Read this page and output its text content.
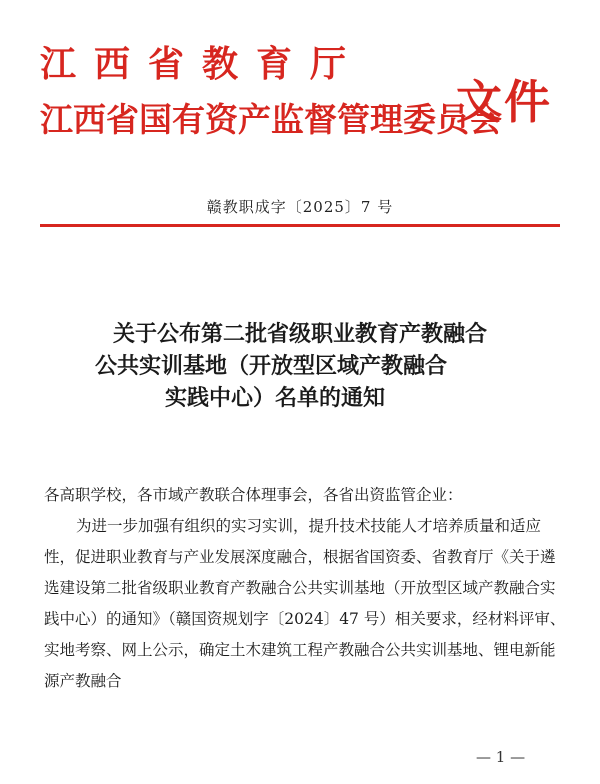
江西省教育厅
江西省国有资产监督管理委员会
文件
赣教职成字〔2025〕7 号
关于公布第二批省级职业教育产教融合
公共实训基地（开放型区域产教融合
实践中心）名单的通知

各高职学校，各市域产教联合体理事会，各省出资监管企业：

为进一步加强有组织的实习实训，提升技术技能人才培养质量和适应性，促进职业教育与产业发展深度融合，根据省国资委、省教育厅《关于遴选建设第二批省级职业教育产教融合公共实训基地（开放型区域产教融合实践中心）的通知》（赣国资规划字〔2024〕47 号）相关要求，经材料评审、实地考察、网上公示，确定土木建筑工程产教融合公共实训基地、锂电新能源产教融合

— 1 —
